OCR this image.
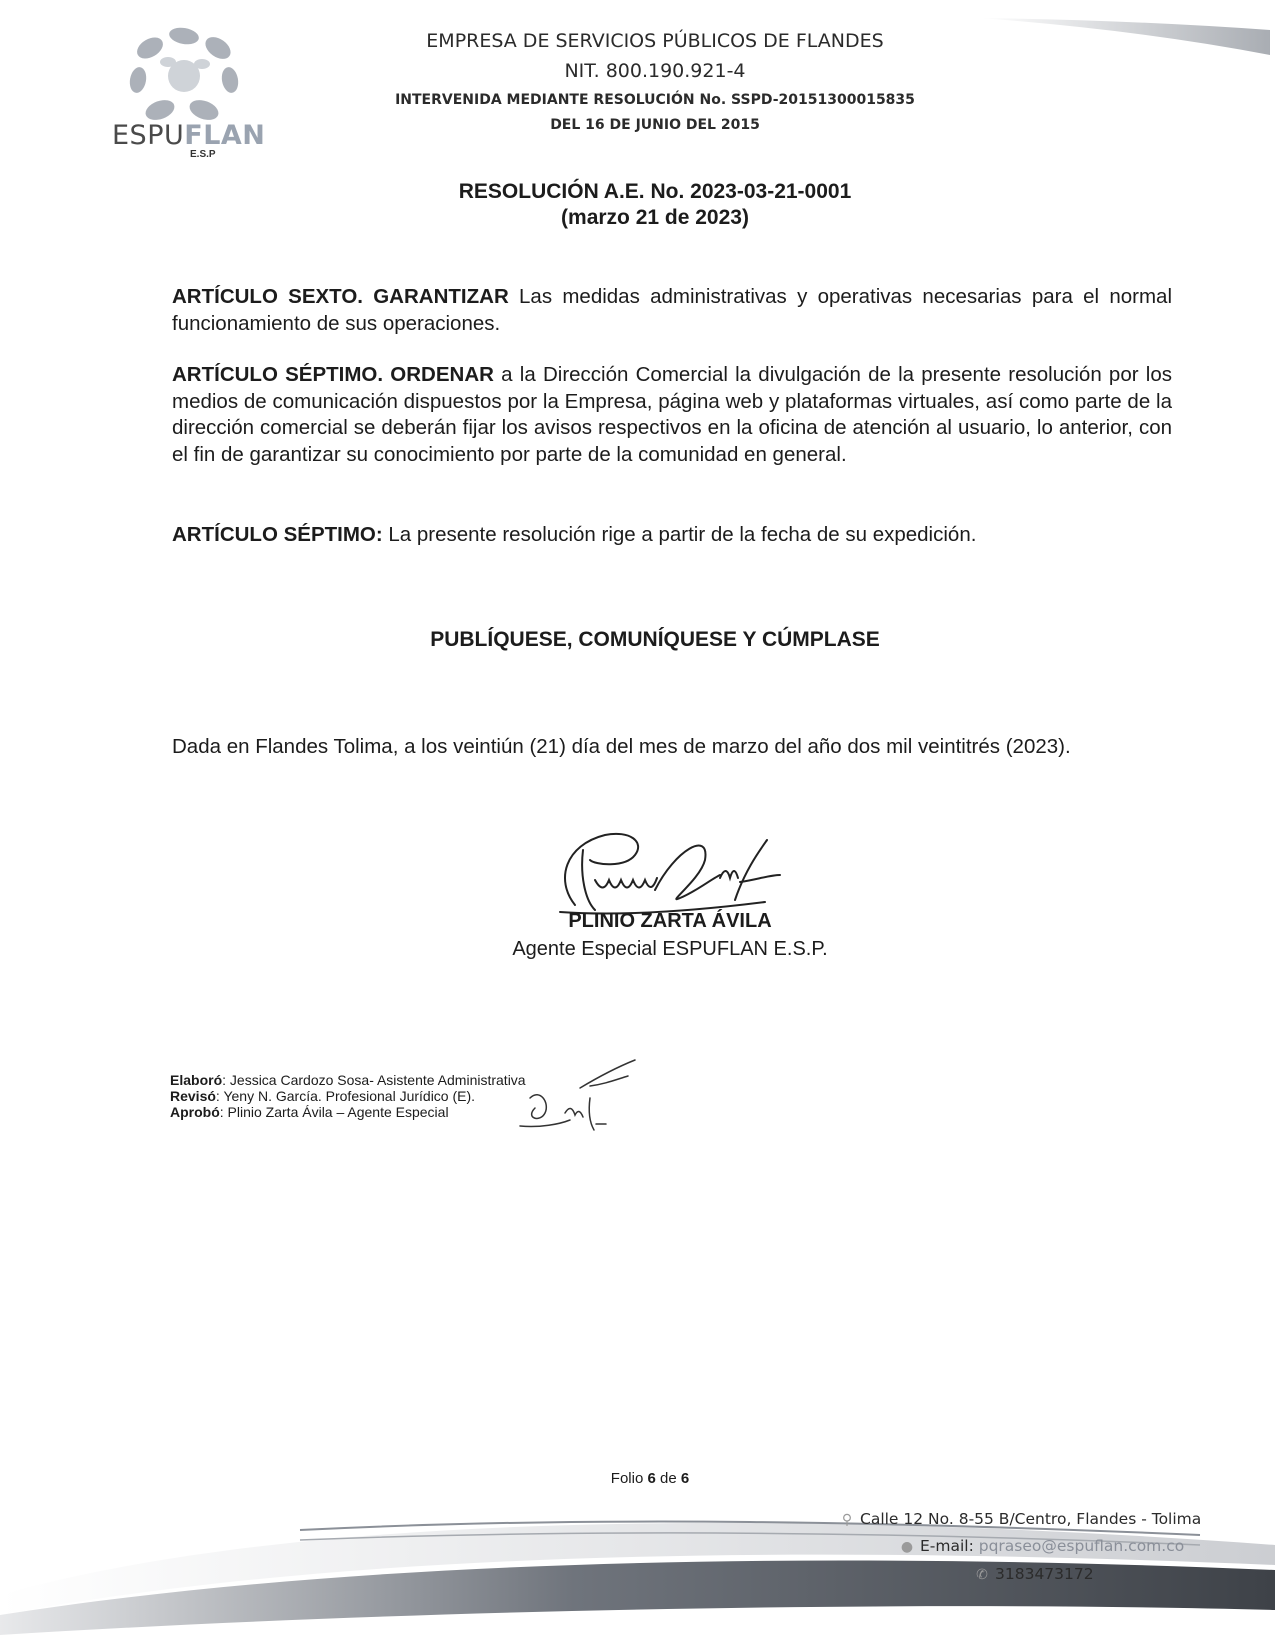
ESPUFLAN
E.S.P
EMPRESA DE SERVICIOS PÚBLICOS DE FLANDES
NIT. 800.190.921-4
INTERVENIDA MEDIANTE RESOLUCIÓN No. SSPD-20151300015835
DEL 16 DE JUNIO DEL 2015
RESOLUCIÓN A.E. No. 2023-03-21-0001
(marzo 21 de 2023)
ARTÍCULO SEXTO. GARANTIZAR Las medidas administrativas y operativas necesarias para el normal funcionamiento de sus operaciones.
ARTÍCULO SÉPTIMO. ORDENAR a la Dirección Comercial la divulgación de la presente resolución por los medios de comunicación dispuestos por la Empresa, página web y plataformas virtuales, así como parte de la dirección comercial se deberán fijar los avisos respectivos en la oficina de atención al usuario, lo anterior, con el fin de garantizar su conocimiento por parte de la comunidad en general.
ARTÍCULO SÉPTIMO: La presente resolución rige a partir de la fecha de su expedición.
PUBLÍQUESE, COMUNÍQUESE Y CÚMPLASE
Dada en Flandes Tolima, a los veintiún (21) día del mes de marzo del año dos mil veintitrés (2023).
PLINIO ZARTA ÁVILA
Agente Especial ESPUFLAN E.S.P.
Elaboró: Jessica Cardozo Sosa- Asistente Administrativa
Revisó: Yeny N. García. Profesional Jurídico (E).
Aprobó: Plinio Zarta Ávila – Agente Especial
Folio 6 de 6
⚲ Calle 12 No. 8-55 B/Centro, Flandes - Tolima
● E-mail: pqraseo@espuflan.com.co
✆ 3183473172
